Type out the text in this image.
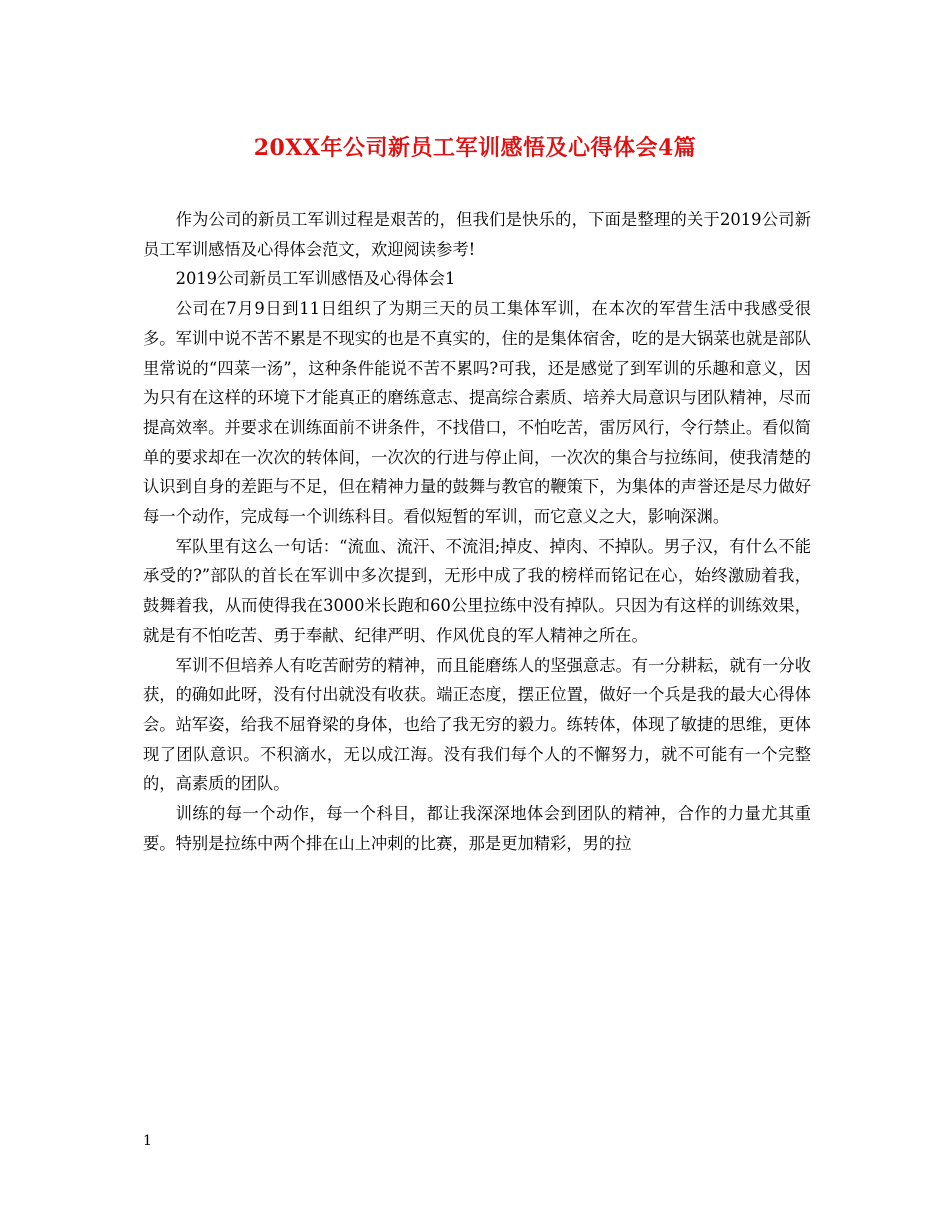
20XX年公司新员工军训感悟及心得体会4篇

作为公司的新员工军训过程是艰苦的，但我们是快乐的，下面是整理的关于2019公司新员工军训感悟及心得体会范文，欢迎阅读参考!

2019公司新员工军训感悟及心得体会1

公司在7月9日到11日组织了为期三天的员工集体军训，在本次的军营生活中我感受很多。军训中说不苦不累是不现实的也是不真实的，住的是集体宿舍，吃的是大锅菜也就是部队里常说的“四菜一汤”，这种条件能说不苦不累吗?可我，还是感觉了到军训的乐趣和意义，因为只有在这样的环境下才能真正的磨练意志、提高综合素质、培养大局意识与团队精神，尽而提高效率。并要求在训练面前不讲条件，不找借口，不怕吃苦，雷厉风行，令行禁止。看似简单的要求却在一次次的转体间，一次次的行进与停止间，一次次的集合与拉练间，使我清楚的认识到自身的差距与不足，但在精神力量的鼓舞与教官的鞭策下，为集体的声誉还是尽力做好每一个动作，完成每一个训练科目。看似短暂的军训，而它意义之大，影响深渊。

军队里有这么一句话：“流血、流汗、不流泪;掉皮、掉肉、不掉队。男子汉，有什么不能承受的?”部队的首长在军训中多次提到，无形中成了我的榜样而铭记在心，始终激励着我，鼓舞着我，从而使得我在3000米长跑和60公里拉练中没有掉队。只因为有这样的训练效果，就是有不怕吃苦、勇于奉献、纪律严明、作风优良的军人精神之所在。

军训不但培养人有吃苦耐劳的精神，而且能磨练人的坚强意志。有一分耕耘，就有一分收获，的确如此呀，没有付出就没有收获。端正态度，摆正位置，做好一个兵是我的最大心得体会。站军姿，给我不屈脊梁的身体，也给了我无穷的毅力。练转体，体现了敏捷的思维，更体现了团队意识。不积滴水，无以成江海。没有我们每个人的不懈努力，就不可能有一个完整的，高素质的团队。

训练的每一个动作，每一个科目，都让我深深地体会到团队的精神，合作的力量尤其重要。特别是拉练中两个排在山上冲刺的比赛，那是更加精彩，男的拉

1
